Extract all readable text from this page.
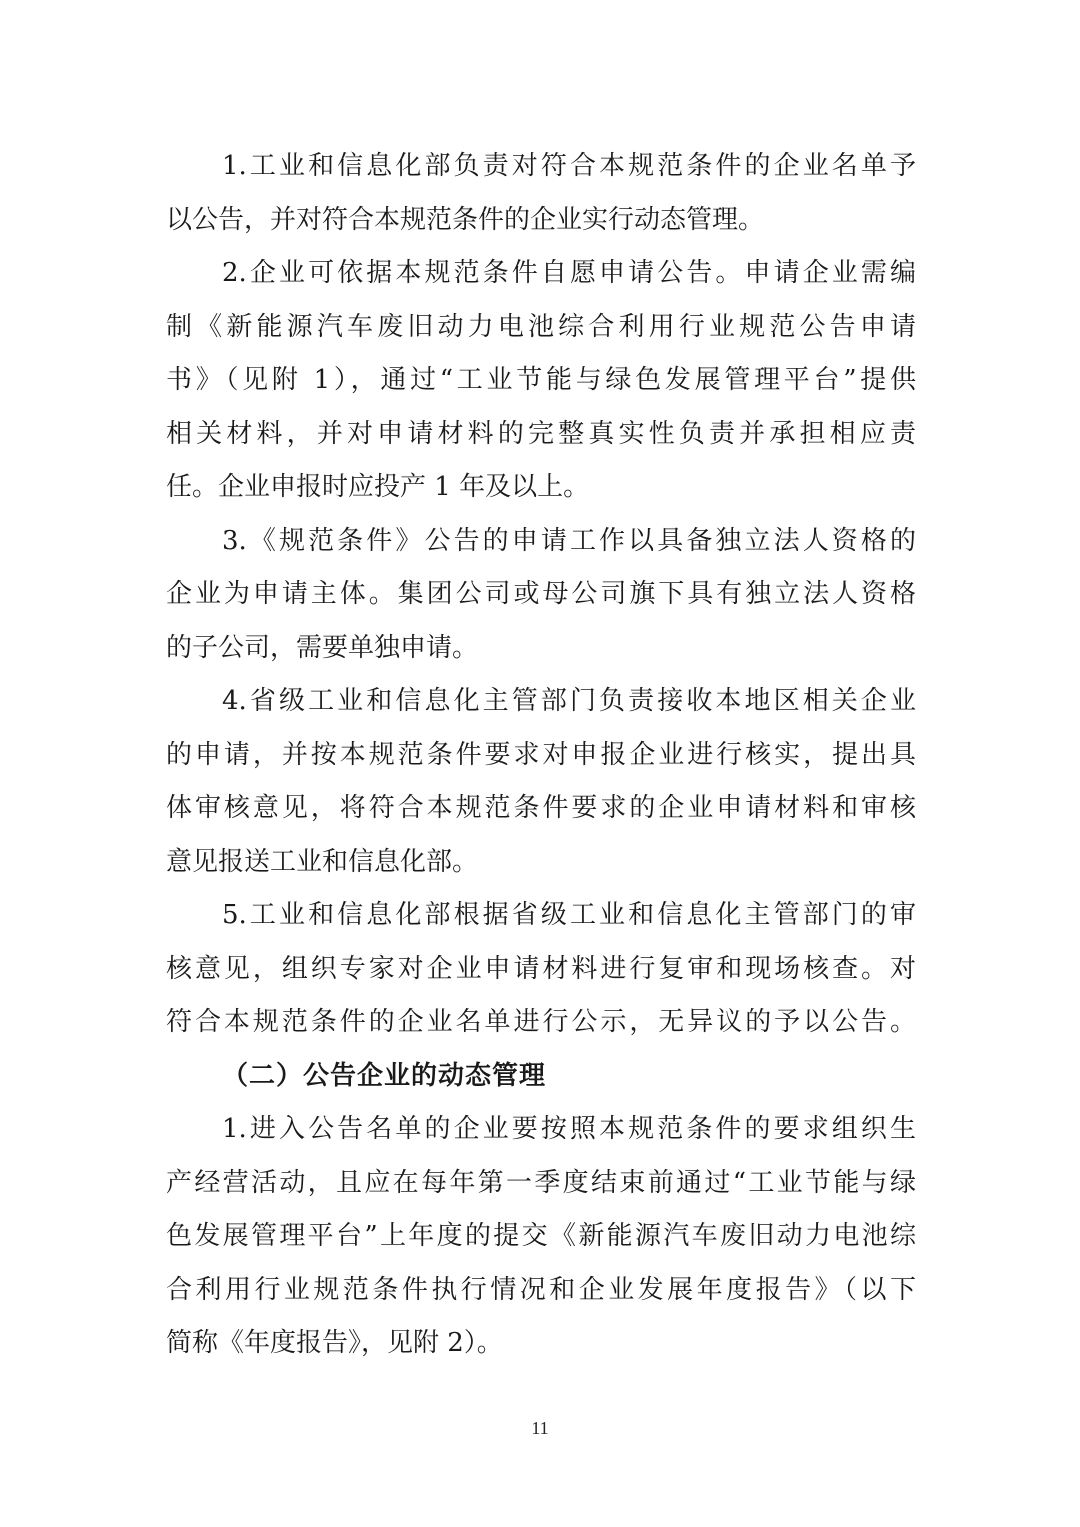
1.工业和信息化部负责对符合本规范条件的企业名单予
以公告，并对符合本规范条件的企业实行动态管理。
2.企业可依据本规范条件自愿申请公告。申请企业需编
制《新能源汽车废旧动力电池综合利用行业规范公告申请
书》（见附 1），通过“工业节能与绿色发展管理平台”提供
相关材料，并对申请材料的完整真实性负责并承担相应责
任。企业申报时应投产 1 年及以上。
3.《规范条件》公告的申请工作以具备独立法人资格的
企业为申请主体。集团公司或母公司旗下具有独立法人资格
的子公司，需要单独申请。
4.省级工业和信息化主管部门负责接收本地区相关企业
的申请，并按本规范条件要求对申报企业进行核实，提出具
体审核意见，将符合本规范条件要求的企业申请材料和审核
意见报送工业和信息化部。
5.工业和信息化部根据省级工业和信息化主管部门的审
核意见，组织专家对企业申请材料进行复审和现场核查。对
符合本规范条件的企业名单进行公示，无异议的予以公告。
（二）公告企业的动态管理
1.进入公告名单的企业要按照本规范条件的要求组织生
产经营活动，且应在每年第一季度结束前通过“工业节能与绿
色发展管理平台”上年度的提交《新能源汽车废旧动力电池综
合利用行业规范条件执行情况和企业发展年度报告》（以下
简称《年度报告》，见附 2）。
11
